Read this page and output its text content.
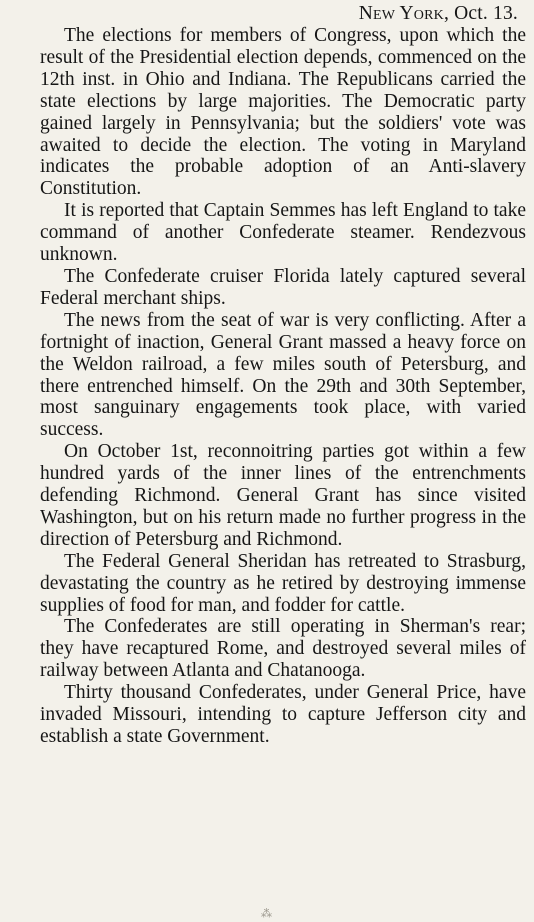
New York, Oct. 13.

The elections for members of Congress, upon which the result of the Presidential election depends, commenced on the 12th inst. in Ohio and Indiana. The Republicans carried the state elections by large majorities. The Democratic party gained largely in Pennsylvania; but the soldiers' vote was awaited to decide the election. The voting in Maryland indicates the probable adoption of an Anti-slavery Constitution.

It is reported that Captain Semmes has left England to take command of another Confederate steamer. Rendezvous unknown.

The Confederate cruiser Florida lately captured several Federal merchant ships.

The news from the seat of war is very conflicting. After a fortnight of inaction, General Grant massed a heavy force on the Weldon railroad, a few miles south of Petersburg, and there entrenched himself. On the 29th and 30th September, most sanguinary engagements took place, with varied success.

On October 1st, reconnoitring parties got within a few hundred yards of the inner lines of the entrenchments defending Richmond. General Grant has since visited Washington, but on his return made no further progress in the direction of Petersburg and Richmond.

The Federal General Sheridan has retreated to Strasburg, devastating the country as he retired by destroying immense supplies of food for man, and fodder for cattle.

The Confederates are still operating in Sherman's rear; they have recaptured Rome, and destroyed several miles of railway between Atlanta and Chatanooga.

Thirty thousand Confederates, under General Price, have invaded Missouri, intending to capture Jefferson city and establish a state Government.

⁂
